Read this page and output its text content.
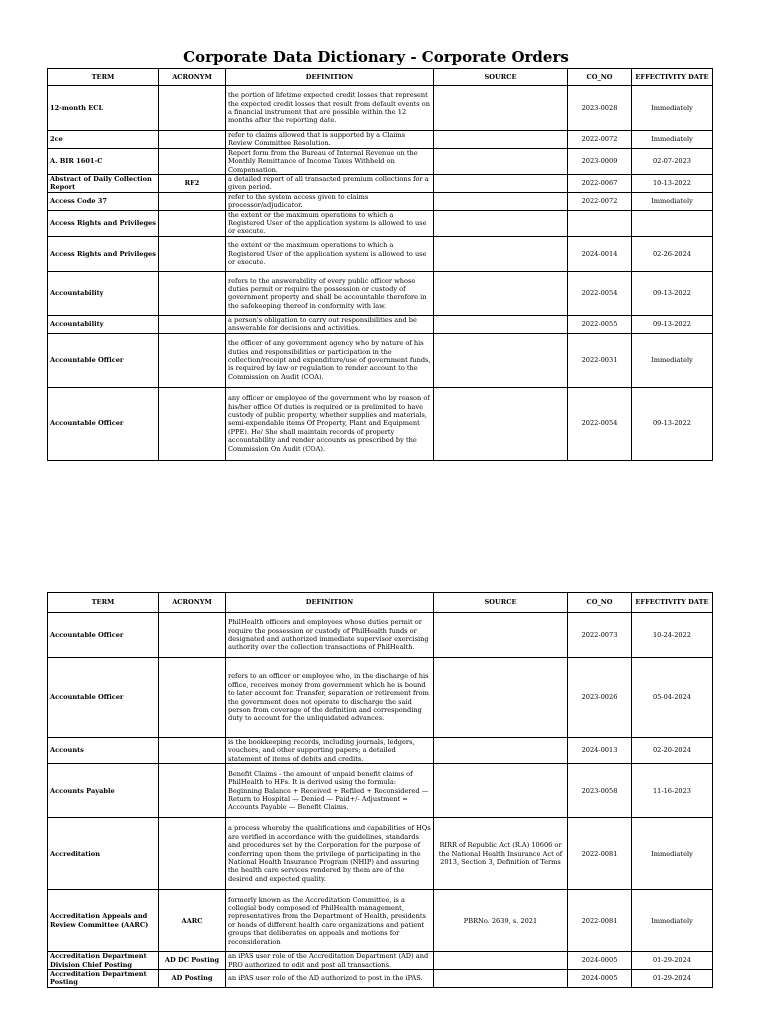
Corporate Data Dictionary - Corporate Orders
TERM	ACRONYM	DEFINITION	SOURCE	CO_NO	EFFECTIVITY DATE
12-month ECL		the portion of lifetime expected credit losses that represent the expected credit losses that result from default events on a financial instrument that are possible within the 12 months after the reporting date.		2023-0028	Immediately
2ce		refer to claims allowed that is supported by a Claims Review Committee Resolution.		2022-0072	Immediately
A. BIR 1601-C		Report form from the Bureau of Internal Revenue on the Monthly Remittance of Income Taxes Withheld on Compensation.		2023-0009	02-07-2023
Abstract of Daily Collection Report	RF2	a detailed report of all transacted premium collections for a given period.		2022-0067	10-13-2022
Access Code 37		refer to the system access given to claims processor/adjudicator.		2022-0072	Immediately
Access Rights and Privileges		the extent or the maximum operations to which a Registered User of the application system is allowed to use or execute.			
Access Rights and Privileges		the extent or the maximum operations to which a Registered User of the application system is allowed to use or execute.		2024-0014	02-26-2024
Accountability		refers to the answerability of every public officer whose duties permit or require the possession or custody of government property and shall be accountable therefore in the safekeeping thereof in conformity with law.		2022-0054	09-13-2022
Accountability		a person's obligation to carry out responsibilities and be answerable for decisions and activities.		2022-0055	09-13-2022
Accountable Officer		the officer of any government agency who by nature of his duties and responsibilities or participation in the collection/receipt and expenditure/use of government funds, is required by law or regulation to render account to the Commission on Audit (COA).		2022-0031	Immediately
Accountable Officer		any officer or employee of the government who by reason of his/her office Of duties is required or is prelimited to have custody of public property, whether supplies and materials, semi-expendable items Of Property, Plant and Equipment (PPE). He/ She shall maintain records of property accountability and render accounts as prescribed by the Commission On Audit (COA).		2022-0054	09-13-2022
TERM	ACRONYM	DEFINITION	SOURCE	CO_NO	EFFECTIVITY DATE
Accountable Officer		PhilHealth officers and employees whose duties permit or require the possession or custody of PhilHealth funds or designated and authorized immediate supervisor exercising authority over the collection transactions of PhilHealth.		2022-0073	10-24-2022
Accountable Officer		refers to an officer or employee who, in the discharge of his office, receives money from government which he is bound to later account for. Transfer, separation or retirement from the government does not operate to discharge the said person from coverage of the definition and corresponding duty to account for the unliquidated advances.		2023-0026	05-04-2024
Accounts		is the bookkeeping records, including journals, ledgers, vouchers, and other supporting papers; a detailed statement of items of debits and credits.		2024-0013	02-20-2024
Accounts Payable		Benefit Claims - the amount of unpaid benefit claims of PhilHealth to HFs. It is derived using the formula: Beginning Balance + Received + Refiled + Reconsidered — Return to Hospital — Denied — Paid+/- Adjustment = Accounts Payable — Benefit Claims.		2023-0058	11-16-2023
Accreditation		a process whereby the qualifications and capabilities of HQs are verified in accordance with the guidelines, standards and procedures set by the Corporation for the purpose of conferring upon them the privilege of participating in the National Health Insurance Program (NHIP) and assuring the health care services rendered by them are of the desired and expected quality.	RIRR of Republic Act (R.A) 10606 or the National Health Insurance Act of 2013, Section 3, Definition of Terms	2022-0081	Immediately
Accreditation Appeals and Review Committee (AARC)	AARC	formerly known as the Accreditation Committee, is a collegial body composed of PhilHealth management, representatives from the Department of Health, presidents or heads of different health care organizations and patient groups that deliberates on appeals and motions for reconsideration	PBRNo. 2639, s. 2021	2022-0081	Immediately
Accreditation Department Division Chief Posting	AD DC Posting	an iPAS user role of the Accreditation Department (AD) and PRO authorized to edit and post all transactions.		2024-0005	01-29-2024
Accreditation Department Posting	AD Posting	an iPAS user role of the AD authorized to post in the iPAS.		2024-0005	01-29-2024
